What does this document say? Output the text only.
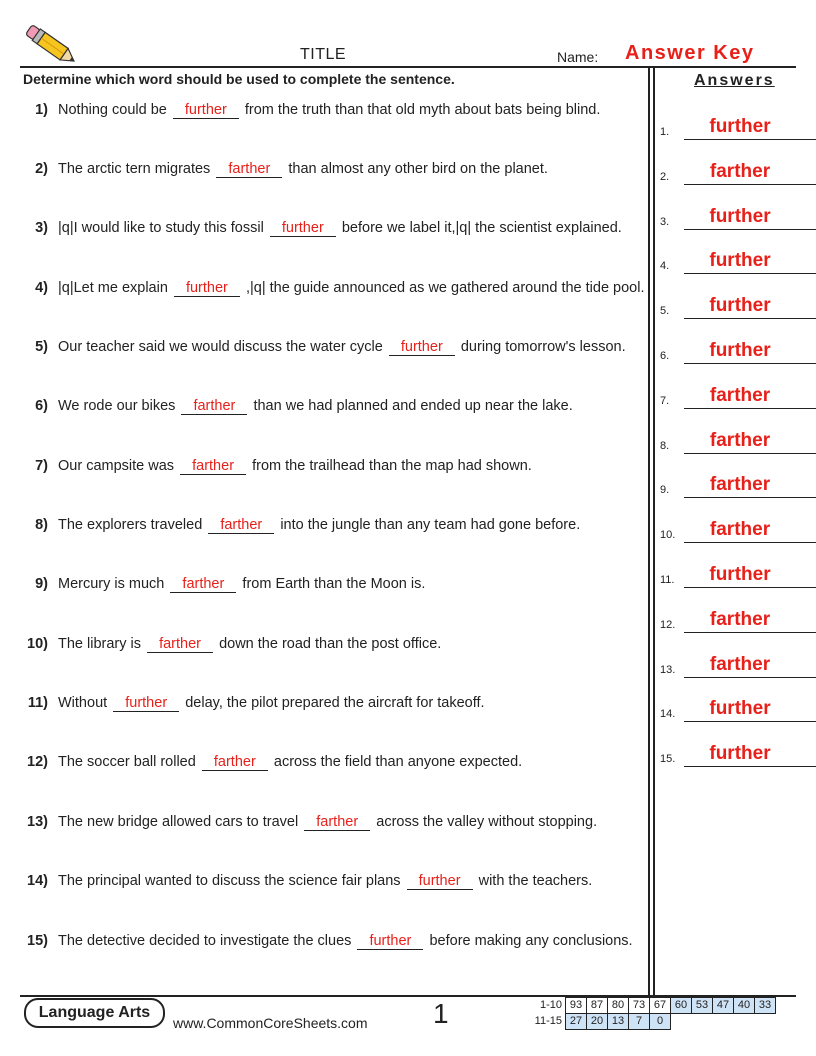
TITLE	Name: Answer Key
Determine which word should be used to complete the sentence.	Answers
1) Nothing could be further from the truth than that old myth about bats being blind.
2) The arctic tern migrates farther than almost any other bird on the planet.
3) |q|I would like to study this fossil further before we label it,|q| the scientist explained.
4) |q|Let me explain further ,|q| the guide announced as we gathered around the tide pool.
5) Our teacher said we would discuss the water cycle further during tomorrow's lesson.
6) We rode our bikes farther than we had planned and ended up near the lake.
7) Our campsite was farther from the trailhead than the map had shown.
8) The explorers traveled farther into the jungle than any team had gone before.
9) Mercury is much farther from Earth than the Moon is.
10) The library is farther down the road than the post office.
11) Without further delay, the pilot prepared the aircraft for takeoff.
12) The soccer ball rolled farther across the field than anyone expected.
13) The new bridge allowed cars to travel farther across the valley without stopping.
14) The principal wanted to discuss the science fair plans further with the teachers.
15) The detective decided to investigate the clues further before making any conclusions.
1.	further
2.	farther
3.	further
4.	further
5.	further
6.	further
7.	farther
8.	farther
9.	farther
10.	farther
11.	further
12.	farther
13.	farther
14.	further
15.	further
Language Arts
www.CommonCoreSheets.com 1	1-10	93	87	80	73	67	60	53	47	40	33
11-15	27	20	13	7	0					
